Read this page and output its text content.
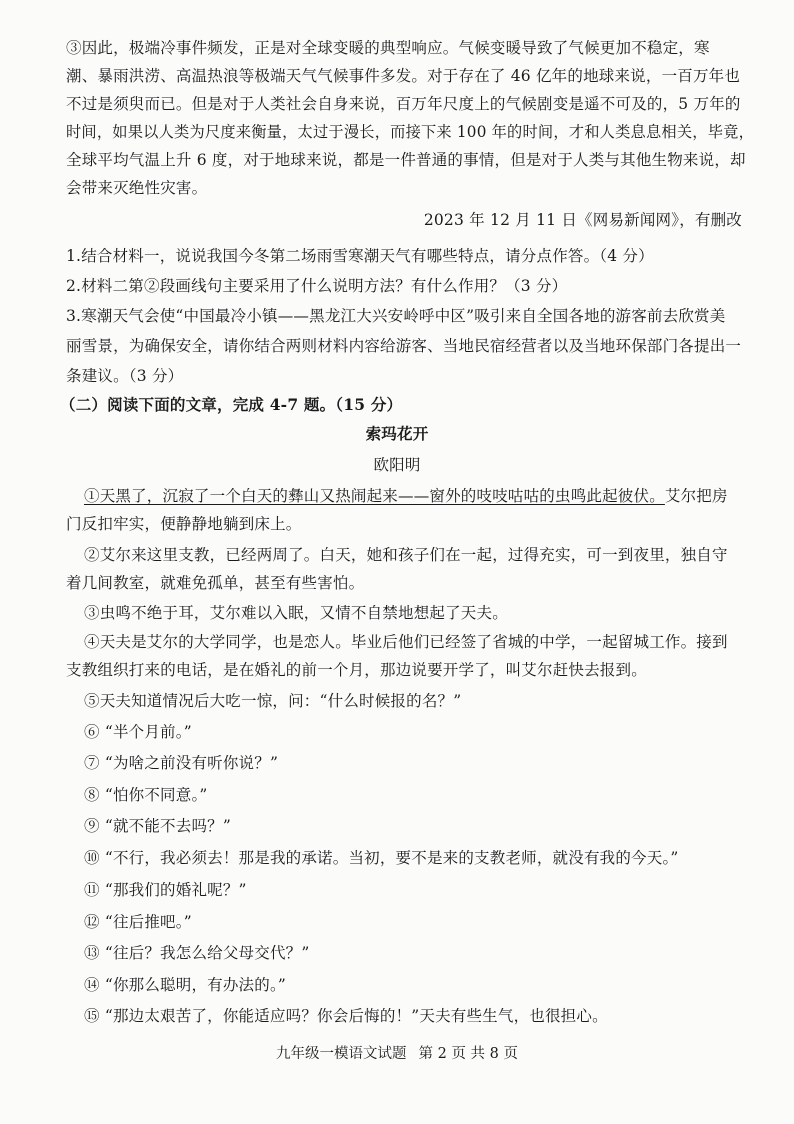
③因此，极端冷事件频发，正是对全球变暖的典型响应。气候变暖导致了气候更加不稳定，寒
潮、暴雨洪涝、高温热浪等极端天气气候事件多发。对于存在了 46 亿年的地球来说，一百万年也
不过是须臾而已。但是对于人类社会自身来说，百万年尺度上的气候剧变是遥不可及的，5 万年的
时间，如果以人类为尺度来衡量，太过于漫长，而接下来 100 年的时间，才和人类息息相关，毕竟，
全球平均气温上升 6 度，对于地球来说，都是一件普通的事情，但是对于人类与其他生物来说，却
会带来灭绝性灾害。
2023 年 12 月 11 日《网易新闻网》，有删改
1.结合材料一，说说我国今冬第二场雨雪寒潮天气有哪些特点，请分点作答。（4 分）
2.材料二第②段画线句主要采用了什么说明方法？有什么作用？（3 分）
3.寒潮天气会使“中国最冷小镇——黑龙江大兴安岭呼中区”吸引来自全国各地的游客前去欣赏美
丽雪景，为确保安全，请你结合两则材料内容给游客、当地民宿经营者以及当地环保部门各提出一
条建议。（3 分）
（二）阅读下面的文章，完成 4-7 题。（15 分）
索玛花开
欧阳明
①天黑了，沉寂了一个白天的彝山又热闹起来——窗外的吱吱咕咕的虫鸣此起彼伏。艾尔把房
门反扣牢实，便静静地躺到床上。
②艾尔来这里支教，已经两周了。白天，她和孩子们在一起，过得充实，可一到夜里，独自守
着几间教室，就难免孤单，甚至有些害怕。
③虫鸣不绝于耳，艾尔难以入眠，又情不自禁地想起了天夫。
④天夫是艾尔的大学同学，也是恋人。毕业后他们已经签了省城的中学，一起留城工作。接到
支教组织打来的电话，是在婚礼的前一个月，那边说要开学了，叫艾尔赶快去报到。
⑤天夫知道情况后大吃一惊，问：“什么时候报的名？”
⑥ “半个月前。”
⑦ “为啥之前没有听你说？”
⑧ “怕你不同意。”
⑨ “就不能不去吗？”
⑩ “不行，我必须去！那是我的承诺。当初，要不是来的支教老师，就没有我的今天。”
⑪ “那我们的婚礼呢？”
⑫ “往后推吧。”
⑬ “往后？我怎么给父母交代？”
⑭ “你那么聪明，有办法的。”
⑮ “那边太艰苦了，你能适应吗？你会后悔的！”天夫有些生气，也很担心。
九年级一模语文试题 第 2 页 共 8 页
